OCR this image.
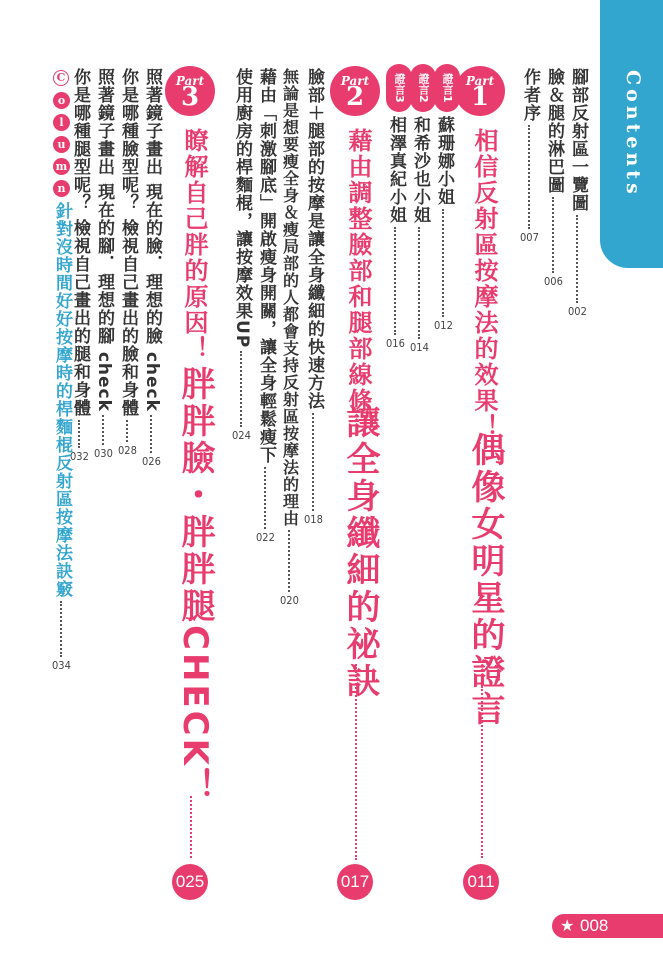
Contents
腳部反射區一覽圖
002
臉＆腿的淋巴圖
006
作者序
007
Part
1
相信反射區按摩法的效果！
偶像女明星的證言
011
證言1
蘇珊娜小姐
012
證言2
和希沙也小姐
014
證言3
相澤真紀小姐
016
Part
2
藉由調整臉部和腿部線條
讓全身纖細的祕訣
017
臉部＋腿部的按摩是讓全身纖細的快速方法
018
無論是想要瘦全身＆瘦局部的人都會支持反射區按摩法的理由
020
藉由「刺激腳底」開啟瘦身開關，讓全身輕鬆瘦下
022
使用廚房的桿麵棍，讓按摩效果UP
024
Part
3
瞭解自己胖的原因！
胖胖臉・胖胖腿CHECK！
025
照著鏡子畫出 現在的臉．理想的臉 check
026
你是哪種臉型呢？ 檢視自己畫出的臉和身體
028
照著鏡子畫出 現在的腳．理想的腳 check
030
你是哪種腿型呢？ 檢視自己畫出的腿和身體
032
C
o
l
u
m
n
針對沒時間好好按摩時的桿麵棍反射區按摩法訣竅
034
★ 008
